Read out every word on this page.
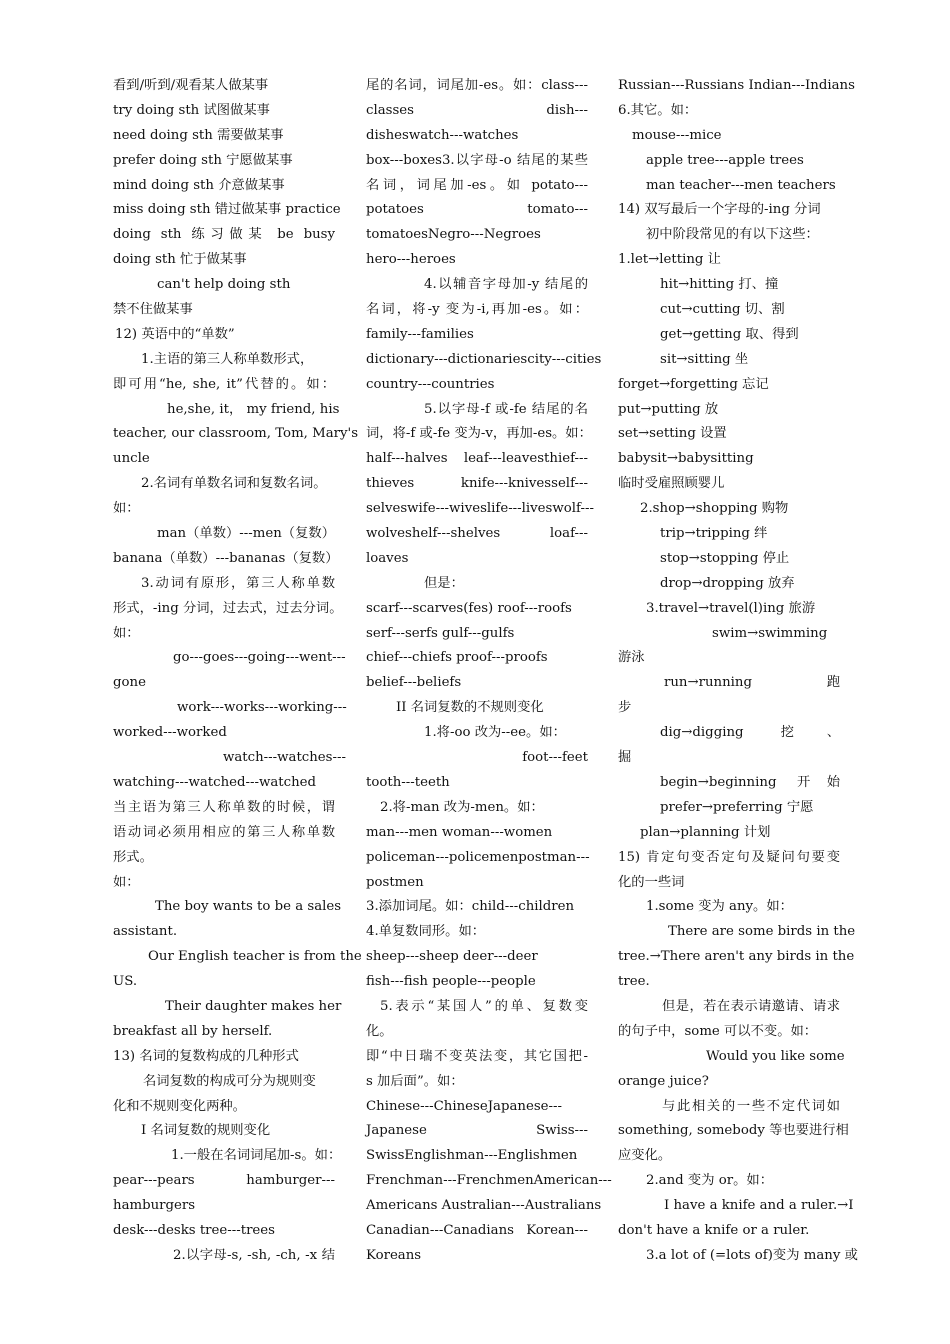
看到/听到/观看某人做某事

try doing sth 试图做某事

need doing sth 需要做某事

prefer doing sth 宁愿做某事

mind doing sth 介意做某事

miss doing sth 错过做某事 practice

doing sth 练习做某 be busy

doing sth 忙于做某事

can't help doing sth

禁不住做某事

12) 英语中的“单数”

1.主语的第三人称单数形式，

即可用“he, she, it”代替的。如：

he,she, it， my friend, his

teacher, our classroom, Tom, Mary's

uncle

2.名词有单数名词和复数名词。

如：

man（单数）---men（复数）

banana（单数）---bananas（复数）

3.动词有原形，第三人称单数

形式，-ing 分词，过去式，过去分词。

如：

go---goes---going---went---

gone

work---works---working---

worked---worked

watch---watches---

watching---watched---watched

当主语为第三人称单数的时候，谓

语动词必须用相应的第三人称单数

形式。

如：

The boy wants to be a sales

assistant.

Our English teacher is from the

US.

Their daughter makes her

breakfast all by herself.

13) 名词的复数构成的几种形式

名词复数的构成可分为规则变

化和不规则变化两种。

I 名词复数的规则变化

1.一般在名词词尾加-s。如：

pear---pears hamburger---

hamburgers

desk---desks tree---trees

2.以字母-s, -sh, -ch, -x 结

尾的名词，词尾加-es。如：class---

classes dish---

disheswatch---watches

box---boxes3.以字母-o 结尾的某些

名词，词尾加-es。如 potato---

potatoes tomato---

tomatoesNegro---Negroes

hero---heroes

4.以辅音字母加-y 结尾的

名词，将-y 变为-i,再加-es。如：

family---families

dictionary---dictionariescity---cities

country---countries

5.以字母-f 或-fe 结尾的名

词，将-f 或-fe 变为-v，再加-es。如：

half---halves leaf---leavesthief---

thieves knife---knivesself---

selveswife---wiveslife---liveswolf---

wolveshelf---shelves loaf---

loaves

但是：

scarf---scarves(fes) roof---roofs

serf---serfs gulf---gulfs

chief---chiefs proof---proofs

belief---beliefs

II 名词复数的不规则变化

1.将-oo 改为--ee。如：

foot---feet

tooth---teeth

2.将-man 改为-men。如：

man---men woman---women

policeman---policemenpostman---

postmen

3.添加词尾。如：child---children

4.单复数同形。如：

sheep---sheep deer---deer

fish---fish people---people

5.表示“某国人”的单、复数变

化。

即“中日瑞不变英法变，其它国把-

s 加后面”。如：

Chinese---ChineseJapanese---

Japanese Swiss---

SwissEnglishman---Englishmen

Frenchman---FrenchmenAmerican---

Americans Australian---Australians

Canadian---Canadians Korean---

Koreans

Russian---Russians Indian---Indians

6.其它。如：

mouse---mice

apple tree---apple trees

man teacher---men teachers

14) 双写最后一个字母的-ing 分词

初中阶段常见的有以下这些：

1.let→letting 让

hit→hitting 打、撞

cut→cutting 切、割

get→getting 取、得到

sit→sitting 坐

forget→forgetting 忘记

put→putting 放

set→setting 设置

babysit→babysitting

临时受雇照顾婴儿

2.shop→shopping 购物

trip→tripping 绊

stop→stopping 停止

drop→dropping 放弃

3.travel→travel(l)ing 旅游

swim→swimming

游泳

run→running 跑

步

dig→digging 挖、

掘

begin→beginning 开始

prefer→preferring 宁愿

plan→planning 计划

15) 肯定句变否定句及疑问句要变

化的一些词

1.some 变为 any。如：

There are some birds in the

tree.→There aren't any birds in the

tree.

但是，若在表示请邀请、请求

的句子中，some 可以不变。如：

Would you like some

orange juice?

与此相关的一些不定代词如

something, somebody 等也要进行相

应变化。

2.and 变为 or。如：

I have a knife and a ruler.→I

don't have a knife or a ruler.

3.a lot of (=lots of)变为 many 或
